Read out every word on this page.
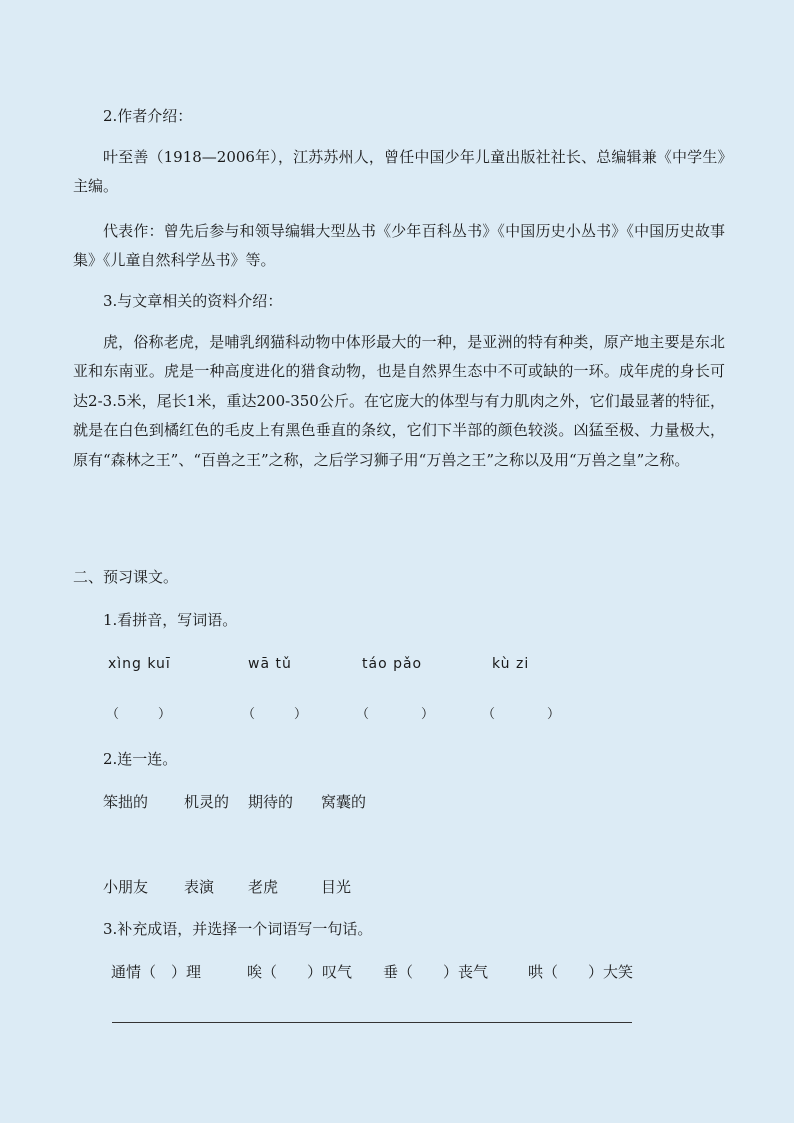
2.作者介绍：
叶至善（1918—2006年），江苏苏州人，曾任中国少年儿童出版社社长、总编辑兼《中学生》主编。
代表作：曾先后参与和领导编辑大型丛书《少年百科丛书》《中国历史小丛书》《中国历史故事集》《儿童自然科学丛书》等。
3.与文章相关的资料介绍：
虎，俗称老虎，是哺乳纲猫科动物中体形最大的一种，是亚洲的特有种类，原产地主要是东北亚和东南亚。虎是一种高度进化的猎食动物，也是自然界生态中不可或缺的一环。成年虎的身长可达2-3.5米，尾长1米，重达200-350公斤。在它庞大的体型与有力肌肉之外，它们最显著的特征，就是在白色到橘红色的毛皮上有黑色垂直的条纹，它们下半部的颜色较淡。凶猛至极、力量极大，原有“森林之王”、“百兽之王”之称，之后学习狮子用“万兽之王”之称以及用“万兽之皇”之称。
二、预习课文。
1.看拼音，写词语。
xìng kuī	wā tǔ	táo pǎo	kù zi
（　　　）	（　　　）	（　　　　）	（　　　　）
2.连一连。
笨拙的 机灵的 期待的 窝囊的
小朋友 表演 老虎	目光
3.补充成语，并选择一个词语写一句话。
通情（　）理	唉（　　）叹气 垂（　　）丧气	哄（　　）大笑
